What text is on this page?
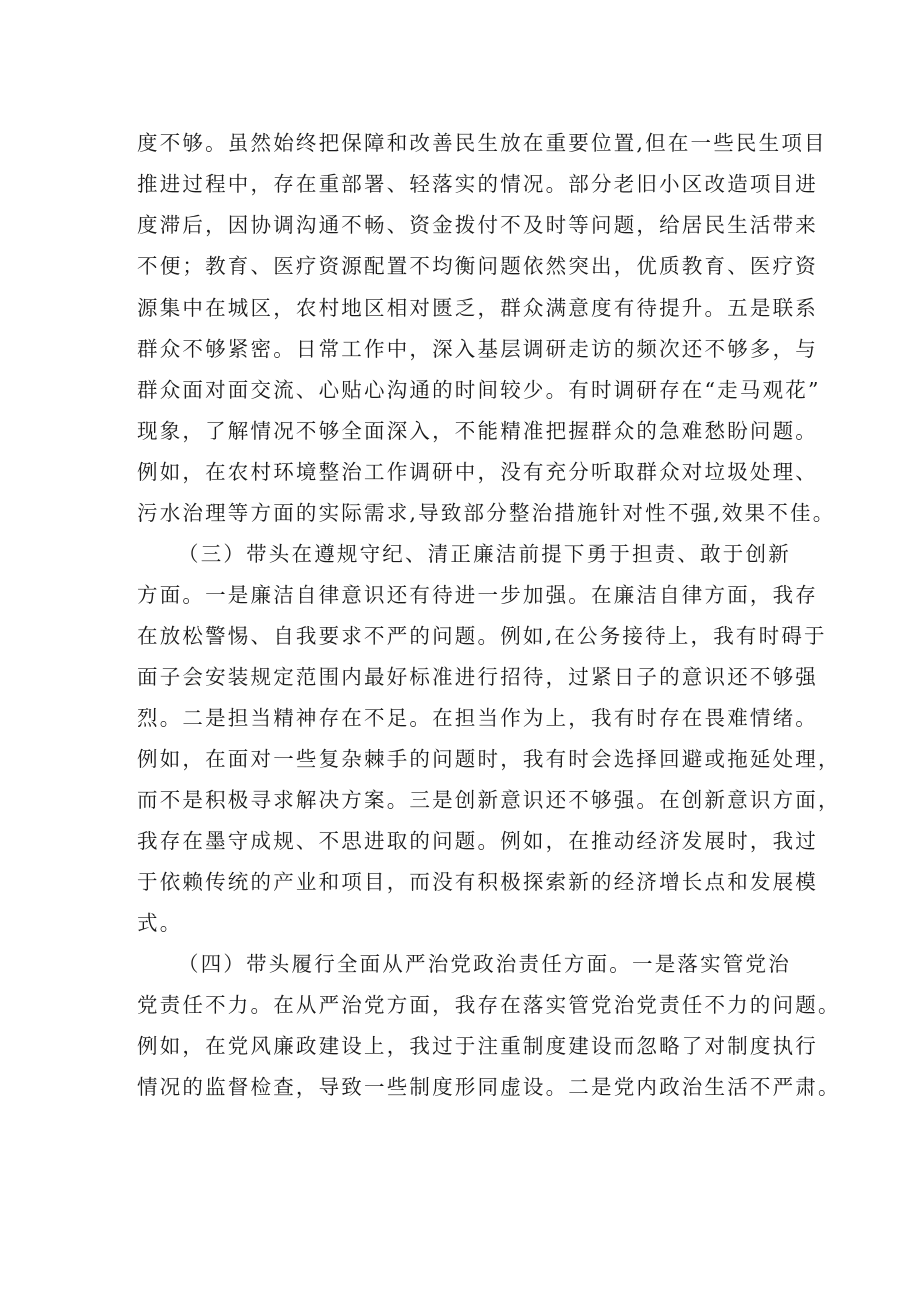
度不够。虽然始终把保障和改善民生放在重要位置,但在一些民生项目
推进过程中，存在重部署、轻落实的情况。部分老旧小区改造项目进
度滞后，因协调沟通不畅、资金拨付不及时等问题，给居民生活带来
不便；教育、医疗资源配置不均衡问题依然突出，优质教育、医疗资
源集中在城区，农村地区相对匮乏，群众满意度有待提升。五是联系
群众不够紧密。日常工作中，深入基层调研走访的频次还不够多，与
群众面对面交流、心贴心沟通的时间较少。有时调研存在“走马观花”
现象，了解情况不够全面深入，不能精准把握群众的急难愁盼问题。
例如，在农村环境整治工作调研中，没有充分听取群众对垃圾处理、
污水治理等方面的实际需求,导致部分整治措施针对性不强,效果不佳。
（三）带头在遵规守纪、清正廉洁前提下勇于担责、敢于创新
方面。一是廉洁自律意识还有待进一步加强。在廉洁自律方面，我存
在放松警惕、自我要求不严的问题。例如,在公务接待上，我有时碍于
面子会安装规定范围内最好标准进行招待，过紧日子的意识还不够强
烈。二是担当精神存在不足。在担当作为上，我有时存在畏难情绪。
例如，在面对一些复杂棘手的问题时，我有时会选择回避或拖延处理，
而不是积极寻求解决方案。三是创新意识还不够强。在创新意识方面，
我存在墨守成规、不思进取的问题。例如，在推动经济发展时，我过
于依赖传统的产业和项目，而没有积极探索新的经济增长点和发展模
式。
（四）带头履行全面从严治党政治责任方面。一是落实管党治
党责任不力。在从严治党方面，我存在落实管党治党责任不力的问题。
例如，在党风廉政建设上，我过于注重制度建设而忽略了对制度执行
情况的监督检查，导致一些制度形同虚设。二是党内政治生活不严肃。
